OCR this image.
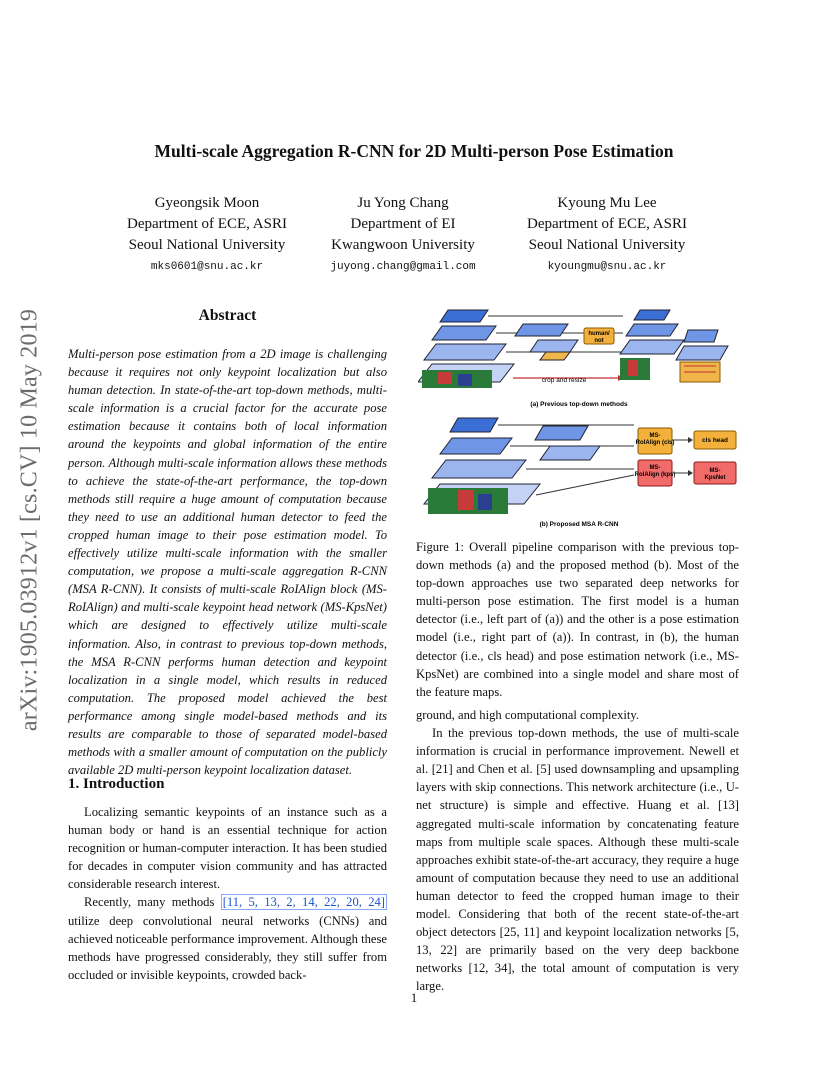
arXiv:1905.03912v1 [cs.CV] 10 May 2019
Multi-scale Aggregation R-CNN for 2D Multi-person Pose Estimation
Gyeongsik Moon
Department of ECE, ASRI
Seoul National University
mks0601@snu.ac.kr
Ju Yong Chang
Department of EI
Kwangwoon University
juyong.chang@gmail.com
Kyoung Mu Lee
Department of ECE, ASRI
Seoul National University
kyoungmu@snu.ac.kr
Abstract
Multi-person pose estimation from a 2D image is challenging because it requires not only keypoint localization but also human detection. In state-of-the-art top-down methods, multi-scale information is a crucial factor for the accurate pose estimation because it contains both of local information around the keypoints and global information of the entire person. Although multi-scale information allows these methods to achieve the state-of-the-art performance, the top-down methods still require a huge amount of computation because they need to use an additional human detector to feed the cropped human image to their pose estimation model. To effectively utilize multi-scale information with the smaller computation, we propose a multi-scale aggregation R-CNN (MSA R-CNN). It consists of multi-scale RoIAlign block (MS-RoIAlign) and multi-scale keypoint head network (MS-KpsNet) which are designed to effectively utilize multi-scale information. Also, in contrast to previous top-down methods, the MSA R-CNN performs human detection and keypoint localization in a single model, which results in reduced computation. The proposed model achieved the best performance among single model-based methods and its results are comparable to those of separated model-based methods with a smaller amount of computation on the publicly available 2D multi-person keypoint localization dataset.
1. Introduction

Localizing semantic keypoints of an instance such as a human body or hand is an essential technique for action recognition or human-computer interaction. It has been studied for decades in computer vision community and has attracted considerable research interest.

Recently, many methods [11, 5, 13, 2, 14, 22, 20, 24] utilize deep convolutional neural networks (CNNs) and achieved noticeable performance improvement. Although these methods have progressed considerably, they still suffer from occluded or invisible keypoints, crowded back-

human/ not
crop and resize
(a) Previous top-down methods
MS-RoIAlign (cls)
MS-RoIAlign (kps)
cls head
MS-KpsNet
(b) Proposed MSA R-CNN
Figure 1: Overall pipeline comparison with the previous top-down methods (a) and the proposed method (b). Most of the top-down approaches use two separated deep networks for multi-person pose estimation. The first model is a human detector (i.e., left part of (a)) and the other is a pose estimation model (i.e., right part of (a)). In contrast, in (b), the human detector (i.e., cls head) and pose estimation network (i.e., MS-KpsNet) are combined into a single model and share most of the feature maps.

ground, and high computational complexity.

In the previous top-down methods, the use of multi-scale information is crucial in performance improvement. Newell et al. [21] and Chen et al. [5] used downsampling and upsampling layers with skip connections. This network architecture (i.e., U-net structure) is simple and effective. Huang et al. [13] aggregated multi-scale information by concatenating feature maps from multiple scale spaces. Although these multi-scale approaches exhibit state-of-the-art accuracy, they require a huge amount of computation because they need to use an additional human detector to feed the cropped human image to their model. Considering that both of the recent state-of-the-art object detectors [25, 11] and keypoint localization networks [5, 13, 22] are primarily based on the very deep backbone networks [12, 34], the total amount of computation is very large.

1
